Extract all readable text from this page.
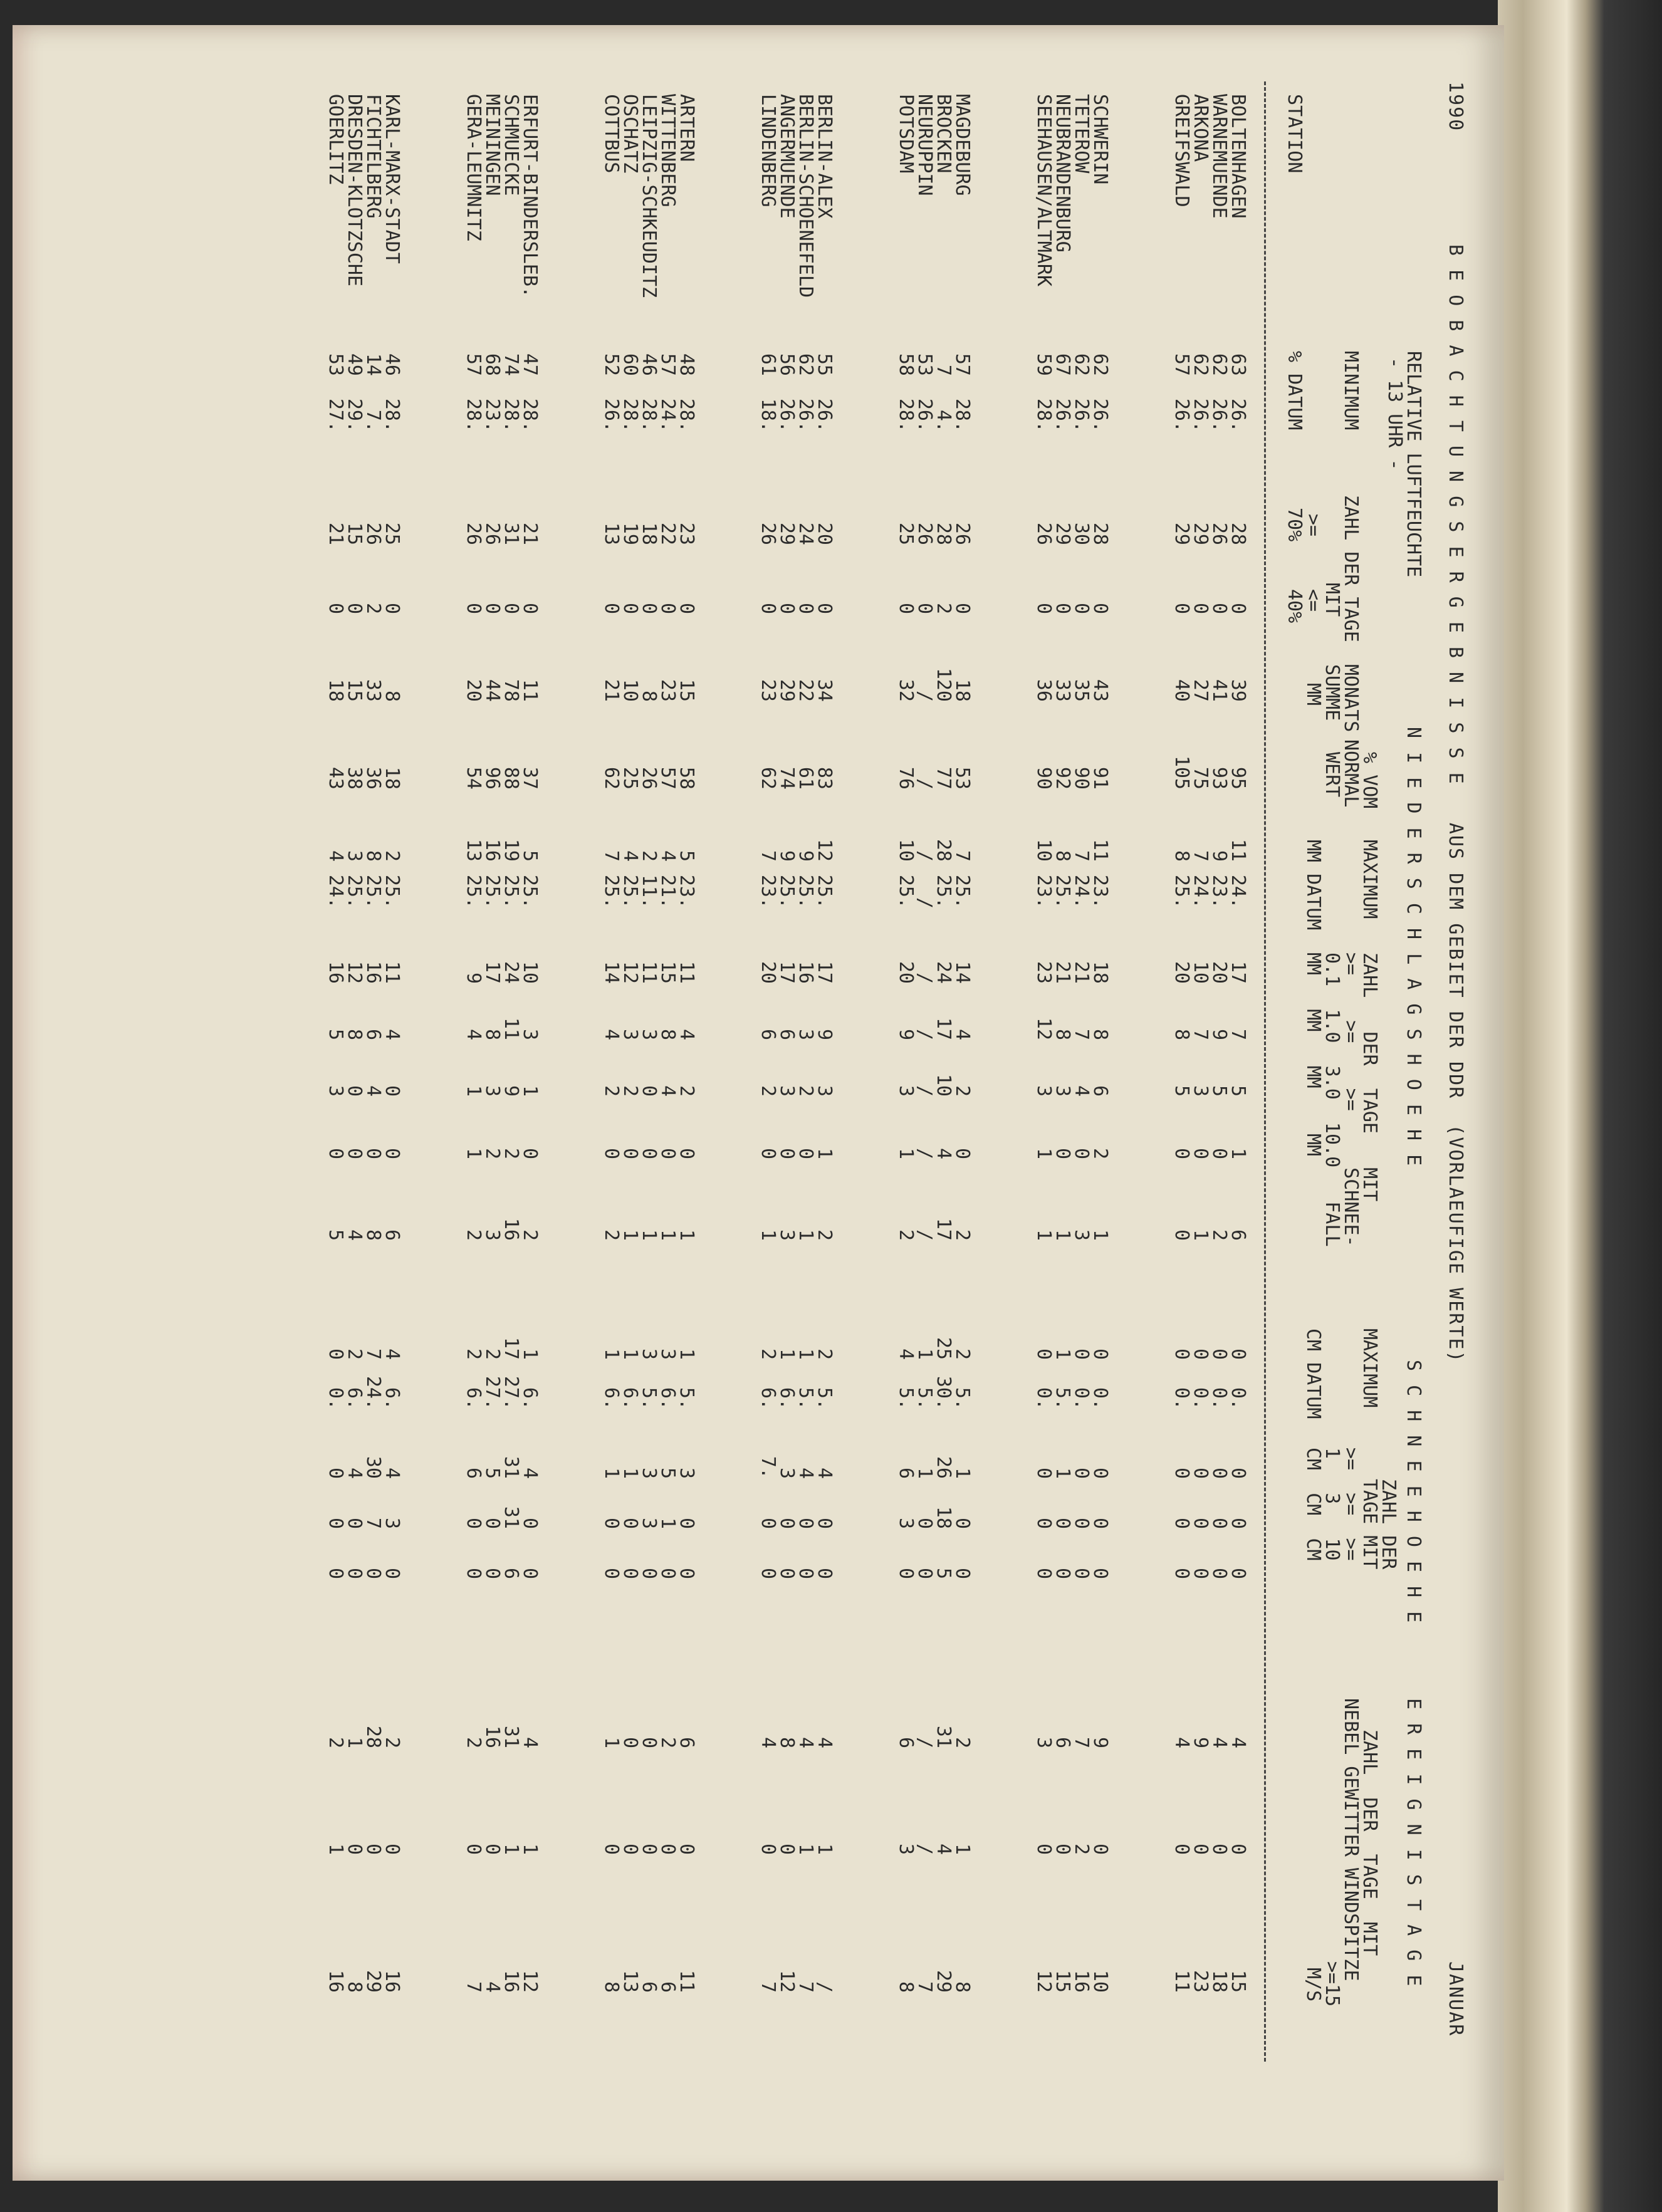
1990
B E O B A C H T U N G S E R G E B N I S S E   AUS DEM GEBIET DER DDR  (VORLAEUFIGE WERTE)
JANUAR
RELATIVE LUFTFEUCHTE
- 13 UHR -
N I E D E R S C H L A G S H O E H E
S C H N E E H O E H E
E R E I G N I S T A G E
MINIMUM
% DATUM
ZAHL DER TAGE
MIT
>=
<=
70%
40%
MONATS
SUMME
MM
% VOM
NORMAL
WERT
MAXIMUM
MM DATUM
ZAHL   DER  TAGE   MIT
>=    >=    >=     SCHNEE-
0.1  1.0  3.0  10.0   FALL
MM   MM   MM    MM
MAXIMUM
CM DATUM
ZAHL DER
TAGE MIT
>=  >=  >=
1   3   10
CM  CM  CM
ZAHL  DER  TAGE  MIT
NEBEL GEWITTER WINDSPITZE
>=15
M/S
STATION
BOLTENHAGEN
63
26.
28
0
39
95
11
24.
17
7
5
1
6
0
0.
0
0
0
4
0
15
WARNEMUENDE
62
26.
26
0
41
93
9
23.
20
9
5
0
2
0
0.
0
0
0
4
0
18
ARKONA
62
26.
29
0
27
75
7
24.
10
7
3
0
1
0
0.
0
0
0
9
0
23
GREIFSWALD
57
26.
29
0
40
105
8
25.
20
8
5
0
0
0
0.
0
0
0
4
0
11
SCHWERIN
62
26.
28
0
43
91
11
23.
18
8
6
2
1
0
0.
0
0
0
9
0
10
TETEROW
62
26.
30
0
35
90
7
24.
21
7
4
0
3
0
0.
0
0
0
7
2
16
NEUBRANDENBURG
67
26.
29
0
33
92
8
25.
21
8
3
0
1
1
5.
1
0
0
6
0
15
SEEHAUSEN/ALTMARK
59
28.
26
0
36
90
10
23.
23
12
3
1
1
0
0.
0
0
0
3
0
12
MAGDEBURG
57
28.
26
0
18
53
7
25.
14
4
2
0
2
2
5.
1
0
0
2
1
8
BROCKEN
7
4.
28
2
120
77
28
25.
24
17
10
4
17
25
30.
26
18
5
31
4
29
NEURUPPIN
53
26.
26
0
/
/
/
/
/
/
/
/
/
1
5.
1
0
0
/
/
7
POTSDAM
58
28.
25
0
32
76
10
25.
20
9
3
1
2
4
5.
6
3
0
6
3
8
BERLIN-ALEX
55
26.
20
0
34
83
12
25.
17
9
3
1
2
2
5.
4
0
0
4
1
/
BERLIN-SCHOENEFELD
62
26.
24
0
22
61
9
25.
16
3
2
0
1
1
5.
4
0
0
4
1
7
ANGERMUENDE
56
26.
29
0
29
74
9
25.
17
6
3
0
3
1
6.
3
0
0
8
0
12
LINDENBERG
61
18.
26
0
23
62
7
23.
20
6
2
0
1
2
6.
7.
0
0
4
0
7
ARTERN
48
28.
23
0
15
58
5
23.
11
4
2
0
1
1
5.
3
0
0
6
0
11
WITTENBERG
57
24.
22
0
23
57
4
21.
15
8
4
0
1
3
6.
5
1
0
2
0
6
LEIPZIG-SCHKEUDITZ
46
28.
18
0
8
26
2
11.
11
3
0
0
1
3
5.
3
3
0
0
0
6
OSCHATZ
60
28.
19
0
10
25
4
25.
12
3
2
0
1
1
6.
1
0
0
0
0
13
COTTBUS
52
26.
13
0
21
62
7
25.
14
4
2
0
2
1
6.
1
0
0
1
0
8
ERFURT-BINDERSLEB.
47
28.
21
0
11
37
5
25.
10
3
1
0
2
1
6.
4
0
0
4
1
12
SCHMUECKE
74
28.
31
0
78
88
19
25.
24
11
9
2
16
17
27.
31
31
6
31
1
16
MEININGEN
68
23.
26
0
44
96
16
25.
17
8
3
2
3
2
27.
5
0
0
16
0
4
GERA-LEUMNITZ
57
28.
26
0
20
54
13
25.
9
4
1
1
2
2
6.
6
0
0
2
0
7
KARL-MARX-STADT
46
28.
25
0
8
18
2
25.
11
4
0
0
6
4
6.
4
3
0
2
0
16
FICHTELBERG
14
7.
26
2
33
36
8
25.
16
6
4
0
8
7
24.
30
7
0
28
0
29
DRESDEN-KLOTZSCHE
49
29.
15
0
15
38
3
25.
12
8
0
0
4
2
6.
4
0
0
1
0
8
GOERLITZ
53
27.
21
0
18
43
4
24.
16
5
3
0
5
0
0.
0
0
0
2
1
16
